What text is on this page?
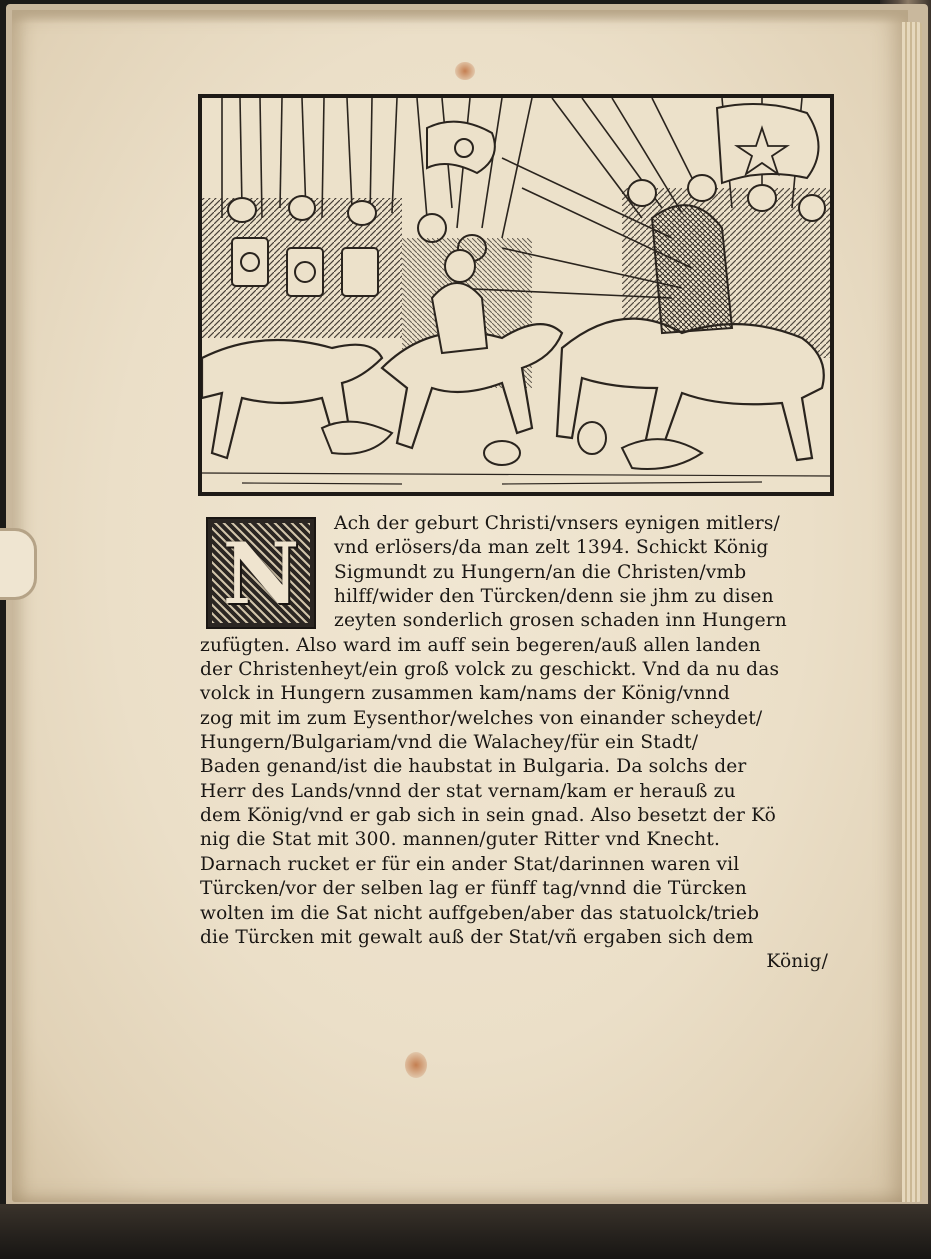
N	Ach der geburt Christi/vnsers eynigen mitlers/
vnd erlösers/da man zelt 1394. Schickt König
Sigmundt zu Hungern/an die Christen/vmb
hilff/wider den Türcken/denn sie jhm zu disen
zeyten sonderlich grosen schaden inn Hungern
zufügten. Also ward im auff sein begeren/auß allen landen
der Christenheyt/ein groß volck zu geschickt. Vnd da nu das
volck in Hungern zusammen kam/nams der König/vnnd
zog mit im zum Eysenthor/welches von einander scheydet/
Hungern/Bulgariam/vnd die Walachey/für ein Stadt/
Baden genand/ist die haubstat in Bulgaria. Da solchs der
Herr des Lands/vnnd der stat vernam/kam er herauß zu
dem König/vnd er gab sich in sein gnad. Also besetzt der Kö
nig die Stat mit 300. mannen/guter Ritter vnd Knecht.
Darnach rucket er für ein ander Stat/darinnen waren vil
Türcken/vor der selben lag er fünff tag/vnnd die Türcken
wolten im die Sat nicht auffgeben/aber das statuolck/trieb
die Türcken mit gewalt auß der Stat/vñ ergaben sich dem
König/
